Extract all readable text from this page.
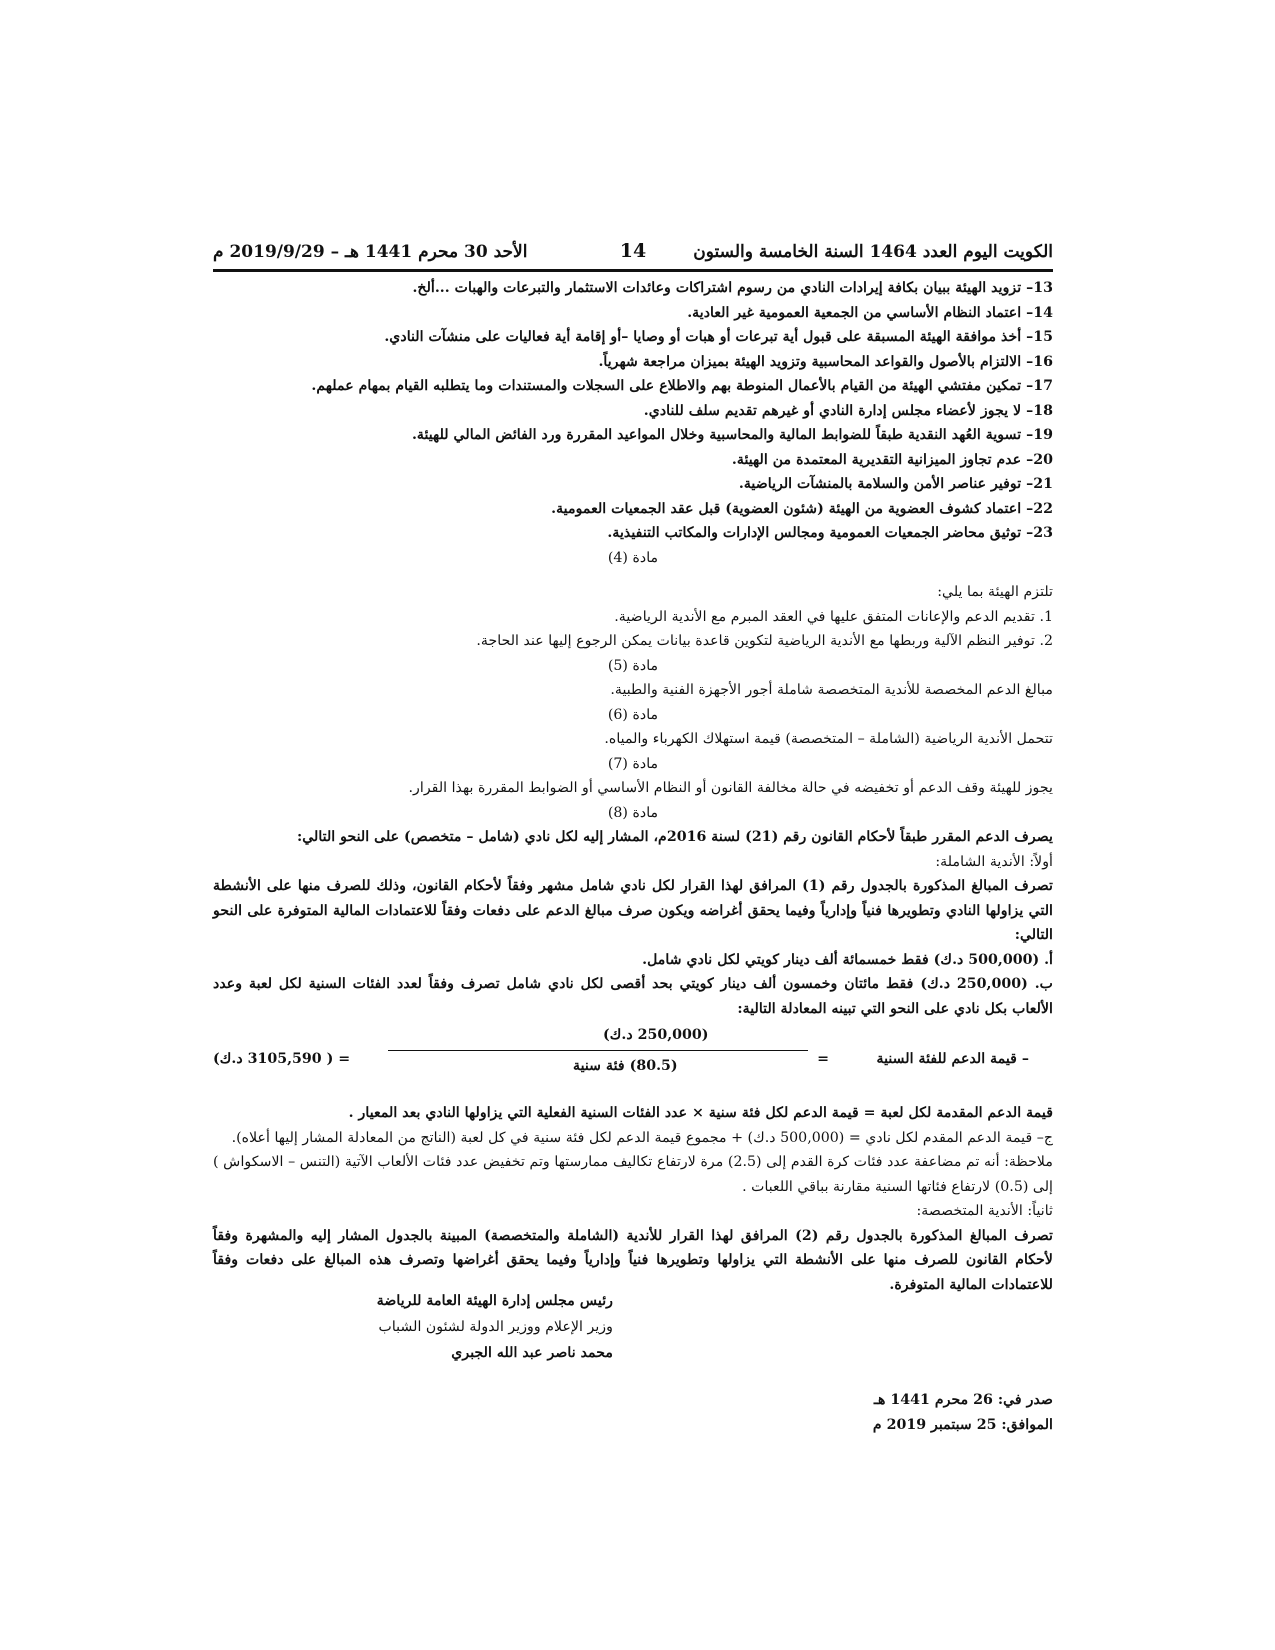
الكويت اليوم العدد 1464 السنة الخامسة والستون
14
الأحد 30 محرم 1441 هـ – 2019/9/29 م

13– تزويد الهيئة ببيان بكافة إيرادات النادي من رسوم اشتراكات وعائدات الاستثمار والتبرعات والهبات ...ألخ.

14– اعتماد النظام الأساسي من الجمعية العمومية غير العادية.

15– أخذ موافقة الهيئة المسبقة على قبول أية تبرعات أو هبات أو وصايا –أو إقامة أية فعاليات على منشآت النادي.

16– الالتزام بالأصول والقواعد المحاسبية وتزويد الهيئة بميزان مراجعة شهرياً.

17– تمكين مفتشي الهيئة من القيام بالأعمال المنوطة بهم والاطلاع على السجلات والمستندات وما يتطلبه القيام بمهام عملهم.

18– لا يجوز لأعضاء مجلس إدارة النادي أو غيرهم تقديم سلف للنادي.

19– تسوية العُهد النقدية طبقاً للضوابط المالية والمحاسبية وخلال المواعيد المقررة ورد الفائض المالي للهيئة.

20– عدم تجاوز الميزانية التقديرية المعتمدة من الهيئة.

21– توفير عناصر الأمن والسلامة بالمنشآت الرياضية.

22– اعتماد كشوف العضوية من الهيئة (شئون العضوية) قبل عقد الجمعيات العمومية.

23– توثيق محاضر الجمعيات العمومية ومجالس الإدارات والمكاتب التنفيذية.

مادة (4)

تلتزم الهيئة بما يلي:

1. تقديم الدعم والإعانات المتفق عليها في العقد المبرم مع الأندية الرياضية.

2. توفير النظم الآلية وربطها مع الأندية الرياضية لتكوين قاعدة بيانات يمكن الرجوع إليها عند الحاجة.

مادة (5)

مبالغ الدعم المخصصة للأندية المتخصصة شاملة أجور الأجهزة الفنية والطبية.

مادة (6)

تتحمل الأندية الرياضية (الشاملة – المتخصصة) قيمة استهلاك الكهرباء والمياه.

مادة (7)

يجوز للهيئة وقف الدعم أو تخفيضه في حالة مخالفة القانون أو النظام الأساسي أو الضوابط المقررة بهذا القرار.

مادة (8)

يصرف الدعم المقرر طبقاً لأحكام القانون رقم (21) لسنة 2016م، المشار إليه لكل نادي (شامل – متخصص) على النحو التالي:

أولاً: الأندية الشاملة:

تصرف المبالغ المذكورة بالجدول رقم (1) المرافق لهذا القرار لكل نادي شامل مشهر وفقاً لأحكام القانون، وذلك للصرف منها على الأنشطة التي يزاولها النادي وتطويرها فنياً وإدارياً وفيما يحقق أغراضه ويكون صرف مبالغ الدعم على دفعات وفقاً للاعتمادات المالية المتوفرة على النحو التالي:

أ. (500,000 د.ك) فقط خمسمائة ألف دينار كويتي لكل نادي شامل.

ب. (250,000 د.ك) فقط مائتان وخمسون ألف دينار كويتي بحد أقصى لكل نادي شامل تصرف وفقاً لعدد الفئات السنية لكل لعبة وعدد الألعاب بكل نادي على النحو التي تبينه المعادلة التالية:

– قيمة الدعم للفئة السنية
=
(250,000 د.ك)
(80.5) فئة سنية
= ( 3105,590 د.ك)

قيمة الدعم المقدمة لكل لعبة = قيمة الدعم لكل فئة سنية × عدد الفئات السنية الفعلية التي يزاولها النادي بعد المعيار .

ج– قيمة الدعم المقدم لكل نادي = (500,000 د.ك) + مجموع قيمة الدعم لكل فئة سنية في كل لعبة (الناتج من المعادلة المشار إليها أعلاه).

ملاحظة: أنه تم مضاعفة عدد فئات كرة القدم إلى (2.5) مرة لارتفاع تكاليف ممارستها وتم تخفيض عدد فئات الألعاب الآتية (التنس – الاسكواش ) إلى (0.5) لارتفاع فئاتها السنية مقارنة بباقي اللعبات .

ثانياً: الأندية المتخصصة:

تصرف المبالغ المذكورة بالجدول رقم (2) المرافق لهذا القرار للأندية (الشاملة والمتخصصة) المبينة بالجدول المشار إليه والمشهرة وفقاً لأحكام القانون للصرف منها على الأنشطة التي يزاولها وتطويرها فنياً وإدارياً وفيما يحقق أغراضها وتصرف هذه المبالغ على دفعات وفقاً للاعتمادات المالية المتوفرة.

رئيس مجلس إدارة الهيئة العامة للرياضة

وزير الإعلام ووزير الدولة لشئون الشباب

محمد ناصر عبد الله الجبري

صدر في: 26 محرم 1441 هـ

الموافق: 25 سبتمبر 2019 م
